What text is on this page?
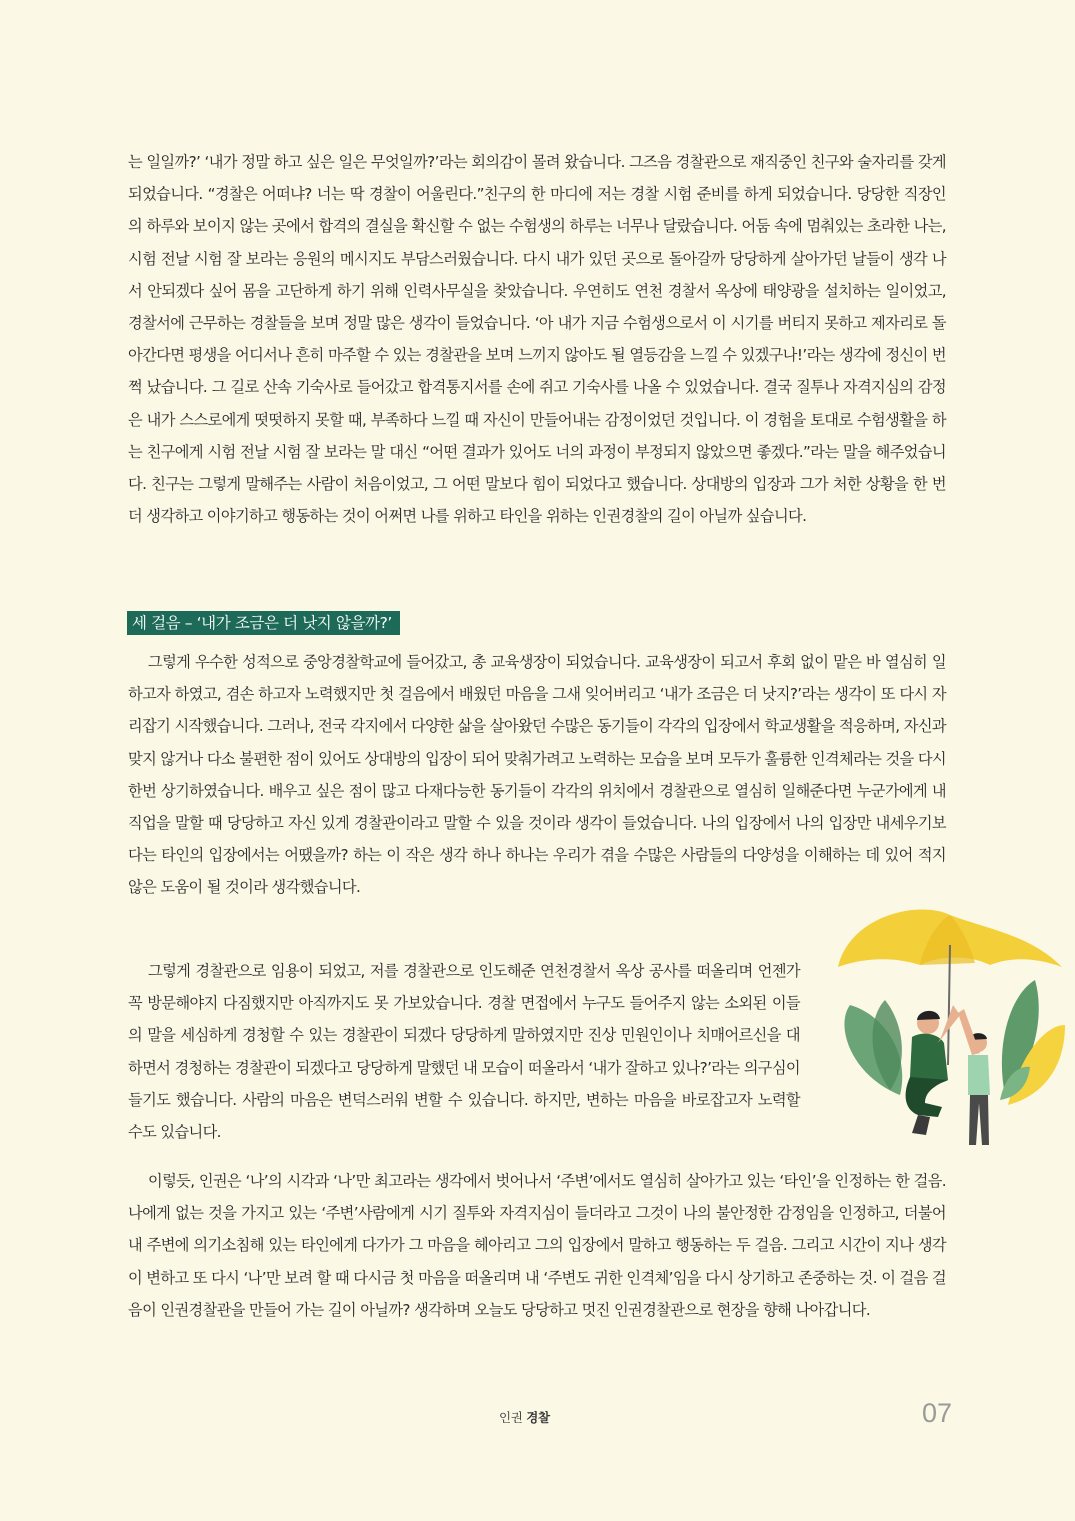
는 일일까?’ ‘내가 정말 하고 싶은 일은 무엇일까?’라는 회의감이 몰려 왔습니다. 그즈음 경찰관으로 재직중인 친구와 술자리를 갖게 되었습니다. “경찰은 어떠냐? 너는 딱 경찰이 어울린다.”친구의 한 마디에 저는 경찰 시험 준비를 하게 되었습니다. 당당한 직장인의 하루와 보이지 않는 곳에서 합격의 결실을 확신할 수 없는 수험생의 하루는 너무나 달랐습니다. 어둠 속에 멈춰있는 초라한 나는, 시험 전날 시험 잘 보라는 응원의 메시지도 부담스러웠습니다. 다시 내가 있던 곳으로 돌아갈까 당당하게 살아가던 날들이 생각 나서 안되겠다 싶어 몸을 고단하게 하기 위해 인력사무실을 찾았습니다. 우연히도 연천 경찰서 옥상에 태양광을 설치하는 일이었고, 경찰서에 근무하는 경찰들을 보며 정말 많은 생각이 들었습니다. ‘아 내가 지금 수험생으로서 이 시기를 버티지 못하고 제자리로 돌아간다면 평생을 어디서나 흔히 마주할 수 있는 경찰관을 보며 느끼지 않아도 될 열등감을 느낄 수 있겠구나!’라는 생각에 정신이 번쩍 났습니다. 그 길로 산속 기숙사로 들어갔고 합격통지서를 손에 쥐고 기숙사를 나올 수 있었습니다. 결국 질투나 자격지심의 감정은 내가 스스로에게 떳떳하지 못할 때, 부족하다 느낄 때 자신이 만들어내는 감정이었던 것입니다. 이 경험을 토대로 수험생활을 하는 친구에게 시험 전날 시험 잘 보라는 말 대신 “어떤 결과가 있어도 너의 과정이 부정되지 않았으면 좋겠다.”라는 말을 해주었습니다. 친구는 그렇게 말해주는 사람이 처음이었고, 그 어떤 말보다 힘이 되었다고 했습니다. 상대방의 입장과 그가 처한 상황을 한 번 더 생각하고 이야기하고 행동하는 것이 어쩌면 나를 위하고 타인을 위하는 인권경찰의 길이 아닐까 싶습니다.

세 걸음 – ‘내가 조금은 더 낫지 않을까?’

그렇게 우수한 성적으로 중앙경찰학교에 들어갔고, 총 교육생장이 되었습니다. 교육생장이 되고서 후회 없이 맡은 바 열심히 일하고자 하였고, 겸손 하고자 노력했지만 첫 걸음에서 배웠던 마음을 그새 잊어버리고 ‘내가 조금은 더 낫지?’라는 생각이 또 다시 자리잡기 시작했습니다. 그러나, 전국 각지에서 다양한 삶을 살아왔던 수많은 동기들이 각각의 입장에서 학교생활을 적응하며, 자신과 맞지 않거나 다소 불편한 점이 있어도 상대방의 입장이 되어 맞춰가려고 노력하는 모습을 보며 모두가 훌륭한 인격체라는 것을 다시 한번 상기하였습니다. 배우고 싶은 점이 많고 다재다능한 동기들이 각각의 위치에서 경찰관으로 열심히 일해준다면 누군가에게 내 직업을 말할 때 당당하고 자신 있게 경찰관이라고 말할 수 있을 것이라 생각이 들었습니다. 나의 입장에서 나의 입장만 내세우기보다는 타인의 입장에서는 어땠을까? 하는 이 작은 생각 하나 하나는 우리가 겪을 수많은 사람들의 다양성을 이해하는 데 있어 적지 않은 도움이 될 것이라 생각했습니다.

그렇게 경찰관으로 임용이 되었고, 저를 경찰관으로 인도해준 연천경찰서 옥상 공사를 떠올리며 언젠가 꼭 방문해야지 다짐했지만 아직까지도 못 가보았습니다. 경찰 면접에서 누구도 들어주지 않는 소외된 이들의 말을 세심하게 경청할 수 있는 경찰관이 되겠다 당당하게 말하였지만 진상 민원인이나 치매어르신을 대하면서 경청하는 경찰관이 되겠다고 당당하게 말했던 내 모습이 떠올라서 ‘내가 잘하고 있나?’라는 의구심이 들기도 했습니다. 사람의 마음은 변덕스러워 변할 수 있습니다. 하지만, 변하는 마음을 바로잡고자 노력할 수도 있습니다.

이렇듯, 인권은 ‘나’의 시각과 ‘나’만 최고라는 생각에서 벗어나서 ‘주변’에서도 열심히 살아가고 있는 ‘타인’을 인정하는 한 걸음. 나에게 없는 것을 가지고 있는 ‘주변’사람에게 시기 질투와 자격지심이 들더라고 그것이 나의 불안정한 감정임을 인정하고, 더불어 내 주변에 의기소침해 있는 타인에게 다가가 그 마음을 헤아리고 그의 입장에서 말하고 행동하는 두 걸음. 그리고 시간이 지나 생각이 변하고 또 다시 ‘나’만 보려 할 때 다시금 첫 마음을 떠올리며 내 ‘주변도 귀한 인격체’임을 다시 상기하고 존중하는 것. 이 걸음 걸음이 인권경찰관을 만들어 가는 길이 아닐까? 생각하며 오늘도 당당하고 멋진 인권경찰관으로 현장을 향해 나아갑니다.

인권 경찰	07
